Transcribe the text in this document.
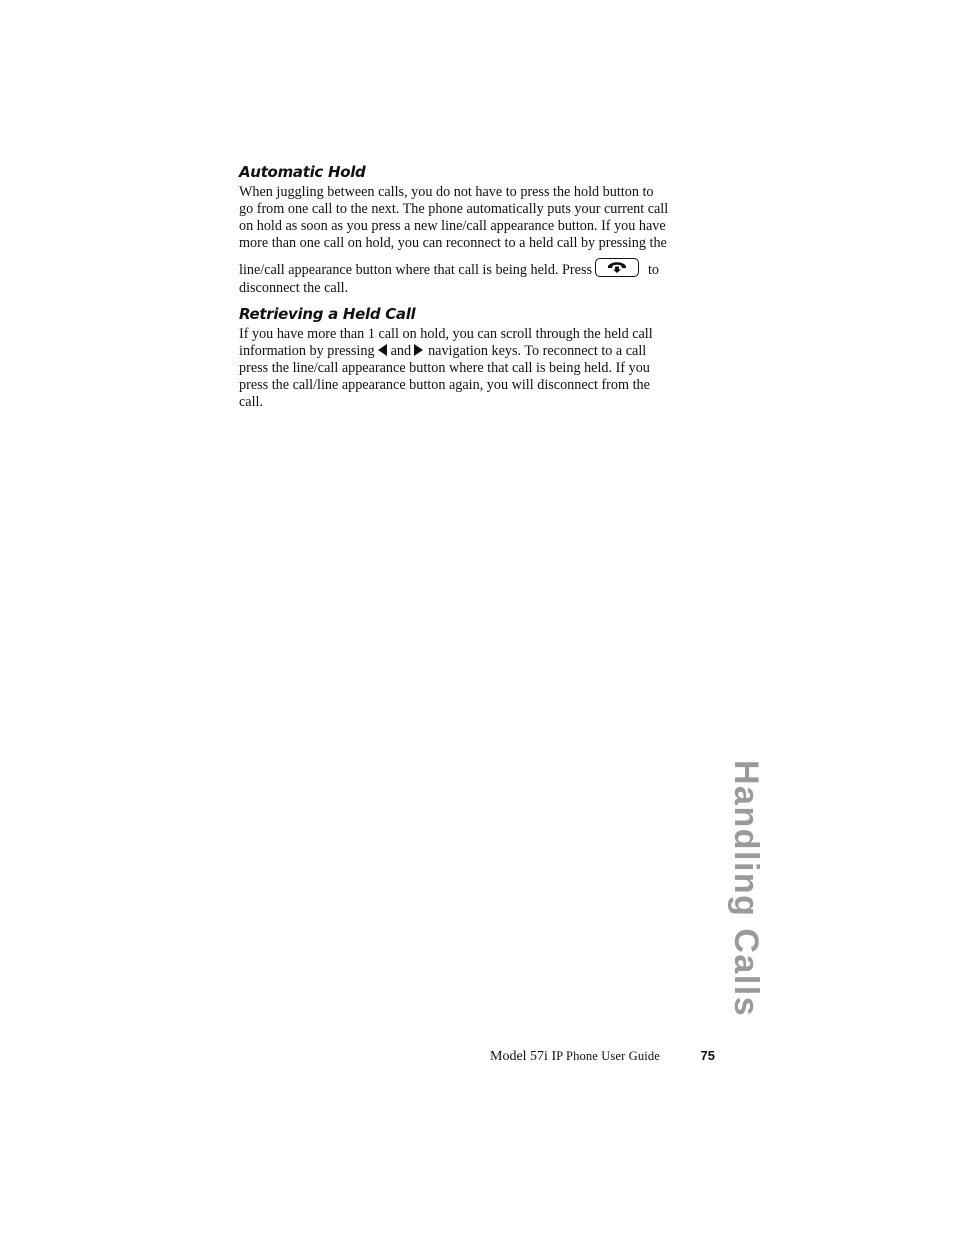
Automatic Hold

When juggling between calls, you do not have to press the hold button to
go from one call to the next. The phone automatically puts your current call
on hold as soon as you press a new line/call appearance button. If you have
more than one call on hold, you can reconnect to a held call by pressing the
line/call appearance button where that call is being held. Press	to
disconnect the call.

Retrieving a Held Call

If you have more than 1 call on hold, you can scroll through the held call
information by pressing and navigation keys. To reconnect to a call
press the line/call appearance button where that call is being held. If you
press the call/line appearance button again, you will disconnect from the
call.

Handling Calls
Model 57i IP Phone User Guide	75
